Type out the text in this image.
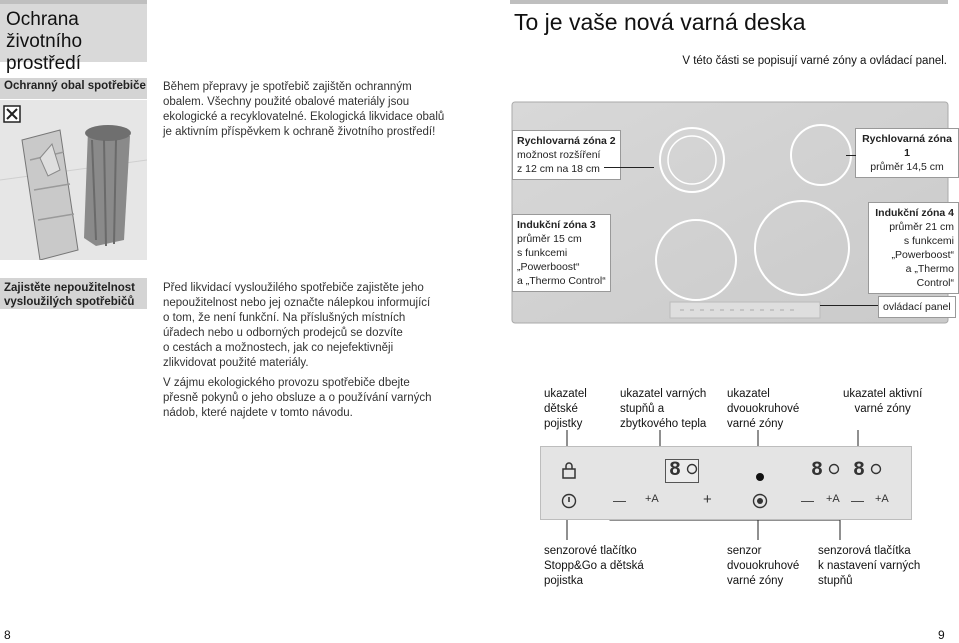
Ochrana životního
prostředí
Ochranný obal spotřebiče Během přepravy je spotřebič zajištěn ochranným
obalem. Všechny použité obalové materiály jsou
ekologické a recyklovatelné. Ekologická likvidace obalů
je aktivním příspěvkem k ochraně životního prostředí!
Zajistěte nepoužitelnost
vysloužilých spotřebičů
Před likvidací vysloužilého spotřebiče zajistěte jeho
nepoužitelnost nebo jej označte nálepkou informující
o tom, že není funkční. Na příslušných místních
úřadech nebo u odborných prodejců se dozvíte
o cestách a možnostech, jak co nejefektivněji
zlikvidovat použité materiály.
V zájmu ekologického provozu spotřebiče dbejte
přesně pokynů o jeho obsluze a o používání varných
nádob, které najdete v tomto návodu.
8
To je vaše nová varná deska
V této části se popisují varné zóny a ovládací panel.
Rychlovarná zóna 2
možnost rozšíření
z 12 cm na 18 cm
Rychlovarná zóna 1
průměr 14,5 cm
Indukční zóna 3
průměr 15 cm
s funkcemi
„Powerboost“
a „Thermo Control“
Indukční zóna 4
průměr 21 cm
s funkcemi
„Powerboost“
a „Thermo Control“
ovládací panel
ukazatel
dětské
pojistky
ukazatel varných
stupňů a
zbytkového tepla
ukazatel
dvouokruhové
varné zóny
ukazatel aktivní
varné zóny
8	8 8
— +A	+	— +A — +A
senzorové tlačítko
Stopp&Go a dětská
pojistka
senzor
dvouokruhové
varné zóny
senzorová tlačítka
k nastavení varných
stupňů
9
